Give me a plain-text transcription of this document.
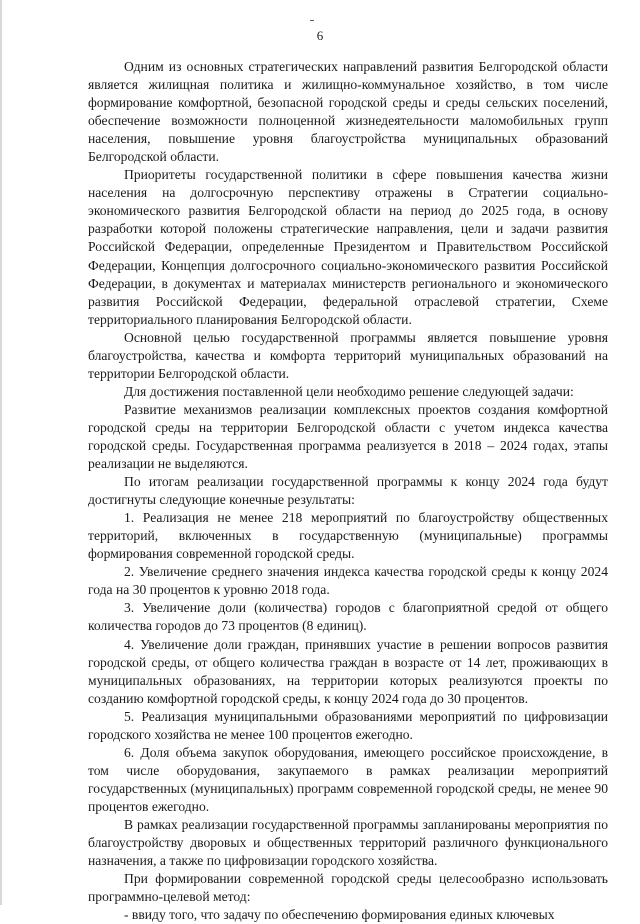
6

Одним из основных стратегических направлений развития Белгородской области является жилищная политика и жилищно-коммунальное хозяйство, в том числе формирование комфортной, безопасной городской среды и среды сельских поселений, обеспечение возможности полноценной жизнедеятельности маломобильных групп населения, повышение уровня благоустройства муниципальных образований Белгородской области.

Приоритеты государственной политики в сфере повышения качества жизни населения на долгосрочную перспективу отражены в Стратегии социально-экономического развития Белгородской области на период до 2025 года, в основу разработки которой положены стратегические направления, цели и задачи развития Российской Федерации, определенные Президентом и Правительством Российской Федерации, Концепция долгосрочного социально-экономического развития Российской Федерации, в документах и материалах министерств регионального и экономического развития Российской Федерации, федеральной отраслевой стратегии, Схеме территориального планирования Белгородской области.

Основной целью государственной программы является повышение уровня благоустройства, качества и комфорта территорий муниципальных образований на территории Белгородской области.

Для достижения поставленной цели необходимо решение следующей задачи:

Развитие механизмов реализации комплексных проектов создания комфортной городской среды на территории Белгородской области с учетом индекса качества городской среды. Государственная программа реализуется в 2018 – 2024 годах, этапы реализации не выделяются.

По итогам реализации государственной программы к концу 2024 года будут достигнуты следующие конечные результаты:

1. Реализация не менее 218 мероприятий по благоустройству общественных территорий, включенных в государственную (муниципальные) программы формирования современной городской среды.

2. Увеличение среднего значения индекса качества городской среды к концу 2024 года на 30 процентов к уровню 2018 года.

3. Увеличение доли (количества) городов с благоприятной средой от общего количества городов до 73 процентов (8 единиц).

4. Увеличение доли граждан, принявших участие в решении вопросов развития городской среды, от общего количества граждан в возрасте от 14 лет, проживающих в муниципальных образованиях, на территории которых реализуются проекты по созданию комфортной городской среды, к концу 2024 года до 30 процентов.

5. Реализация муниципальными образованиями мероприятий по цифровизации городского хозяйства не менее 100 процентов ежегодно.

6. Доля объема закупок оборудования, имеющего российское происхождение, в том числе оборудования, закупаемого в рамках реализации мероприятий государственных (муниципальных) программ современной городской среды, не менее 90 процентов ежегодно.

В рамках реализации государственной программы запланированы мероприятия по благоустройству дворовых и общественных территорий различного функционального назначения, а также по цифровизации городского хозяйства.

При формировании современной городской среды целесообразно использовать программно-целевой метод:

- ввиду того, что задачу по обеспечению формирования единых ключевых
